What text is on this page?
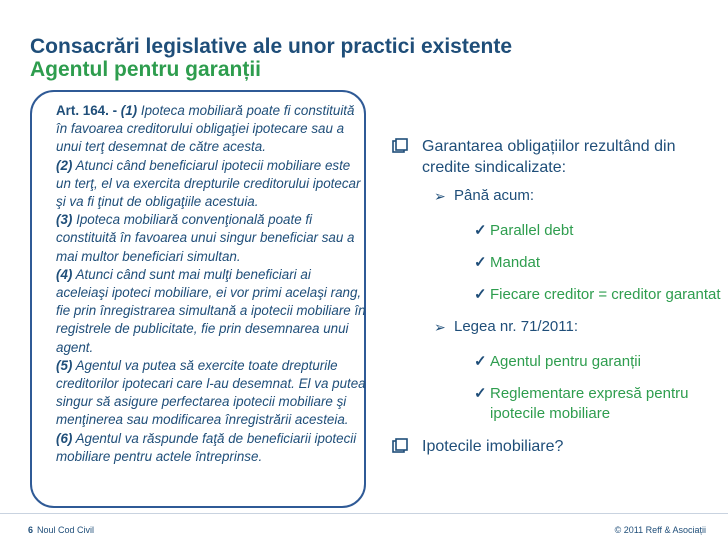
Consacrări legislative ale unor practici existente
Agentul pentru garanții

Art. 164. - (1) Ipoteca mobiliară poate fi constituită în favoarea creditorului obligaţiei ipotecare sau a unui terţ desemnat de către acesta.

(2) Atunci când beneficiarul ipotecii mobiliare este un terţ, el va exercita drepturile creditorului ipotecar şi va fi ţinut de obligaţiile acestuia.

(3) Ipoteca mobiliară convenţională poate fi constituită în favoarea unui singur beneficiar sau a mai multor beneficiari simultan.

(4) Atunci când sunt mai mulţi beneficiari ai aceleiaşi ipoteci mobiliare, ei vor primi acelaşi rang, fie prin înregistrarea simultană a ipotecii mobiliare în registrele de publicitate, fie prin desemnarea unui agent.

(5) Agentul va putea să exercite toate drepturile creditorilor ipotecari care l-au desemnat. El va putea singur să asigure perfectarea ipotecii mobiliare şi menţinerea sau modificarea înregistrării acesteia.

(6) Agentul va răspunde faţă de beneficiarii ipotecii mobiliare pentru actele întreprinse.

Garantarea obligațiilor rezultând din credite sindicalizate:
➢ Până acum:
✓ Parallel debt
✓ Mandat
✓ Fiecare creditor = creditor garantat
➢ Legea nr. 71/2011:
✓ Agentul pentru garanții
✓ Reglementare expresă pentru ipotecile mobiliare
Ipotecile imobiliare?
6 Noul Cod Civil	© 2011 Reff & Asociații
